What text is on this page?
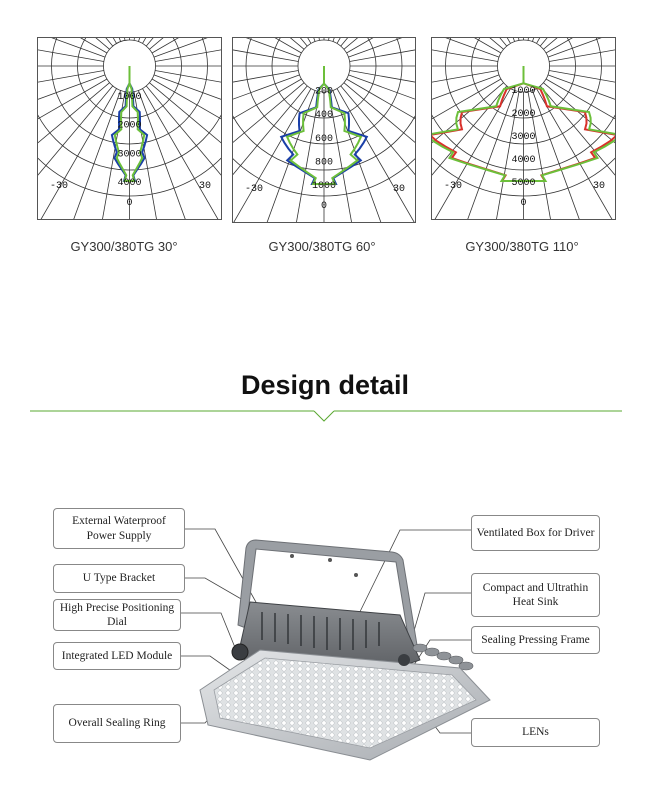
1000
2000
3000
4000
-30	30
0
GY300/380TG 30°
200
400
600
800
1000
-30	30
0
GY300/380TG 60°
1000
2000
3000
4000
5000
-30	30
0
GY300/380TG 110°
Design detail
External Waterproof Power Supply
U Type Bracket
High Precise Positioning Dial
Integrated LED Module
Overall Sealing Ring
Ventilated Box for Driver
Compact and Ultrathin Heat Sink
Sealing Pressing Frame
LENs
